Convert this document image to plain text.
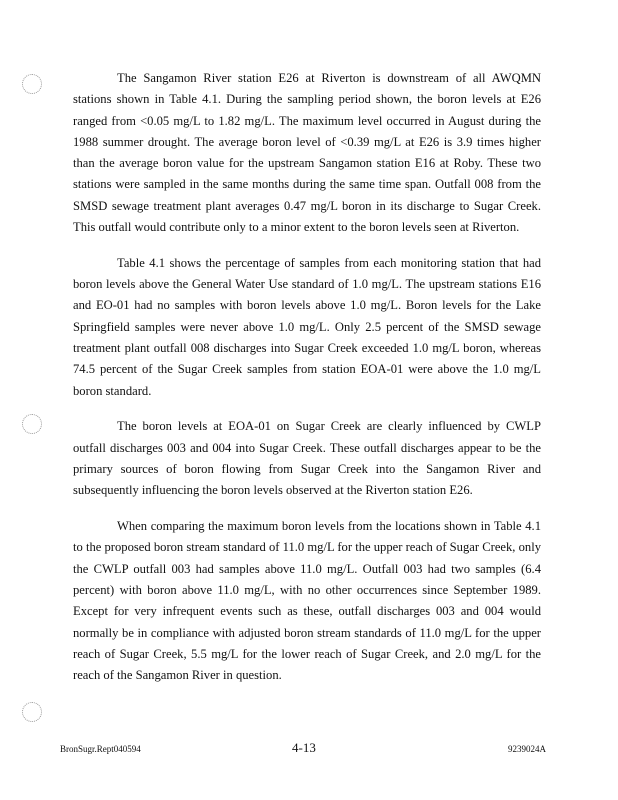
The Sangamon River station E26 at Riverton is downstream of all AWQMN stations shown in Table 4.1. During the sampling period shown, the boron levels at E26 ranged from <0.05 mg/L to 1.82 mg/L. The maximum level occurred in August during the 1988 summer drought. The average boron level of <0.39 mg/L at E26 is 3.9 times higher than the average boron value for the upstream Sangamon station E16 at Roby. These two stations were sampled in the same months during the same time span. Outfall 008 from the SMSD sewage treatment plant averages 0.47 mg/L boron in its discharge to Sugar Creek. This outfall would contribute only to a minor extent to the boron levels seen at Riverton.

Table 4.1 shows the percentage of samples from each monitoring station that had boron levels above the General Water Use standard of 1.0 mg/L. The upstream stations E16 and EO-01 had no samples with boron levels above 1.0 mg/L. Boron levels for the Lake Springfield samples were never above 1.0 mg/L. Only 2.5 percent of the SMSD sewage treatment plant outfall 008 discharges into Sugar Creek exceeded 1.0 mg/L boron, whereas 74.5 percent of the Sugar Creek samples from station EOA-01 were above the 1.0 mg/L boron standard.

The boron levels at EOA-01 on Sugar Creek are clearly influenced by CWLP outfall discharges 003 and 004 into Sugar Creek. These outfall discharges appear to be the primary sources of boron flowing from Sugar Creek into the Sangamon River and subsequently influencing the boron levels observed at the Riverton station E26.

When comparing the maximum boron levels from the locations shown in Table 4.1 to the proposed boron stream standard of 11.0 mg/L for the upper reach of Sugar Creek, only the CWLP outfall 003 had samples above 11.0 mg/L. Outfall 003 had two samples (6.4 percent) with boron above 11.0 mg/L, with no other occurrences since September 1989. Except for very infrequent events such as these, outfall discharges 003 and 004 would normally be in compliance with adjusted boron stream standards of 11.0 mg/L for the upper reach of Sugar Creek, 5.5 mg/L for the lower reach of Sugar Creek, and 2.0 mg/L for the reach of the Sangamon River in question.

BronSugr.Rept040594	4-13	9239024A
